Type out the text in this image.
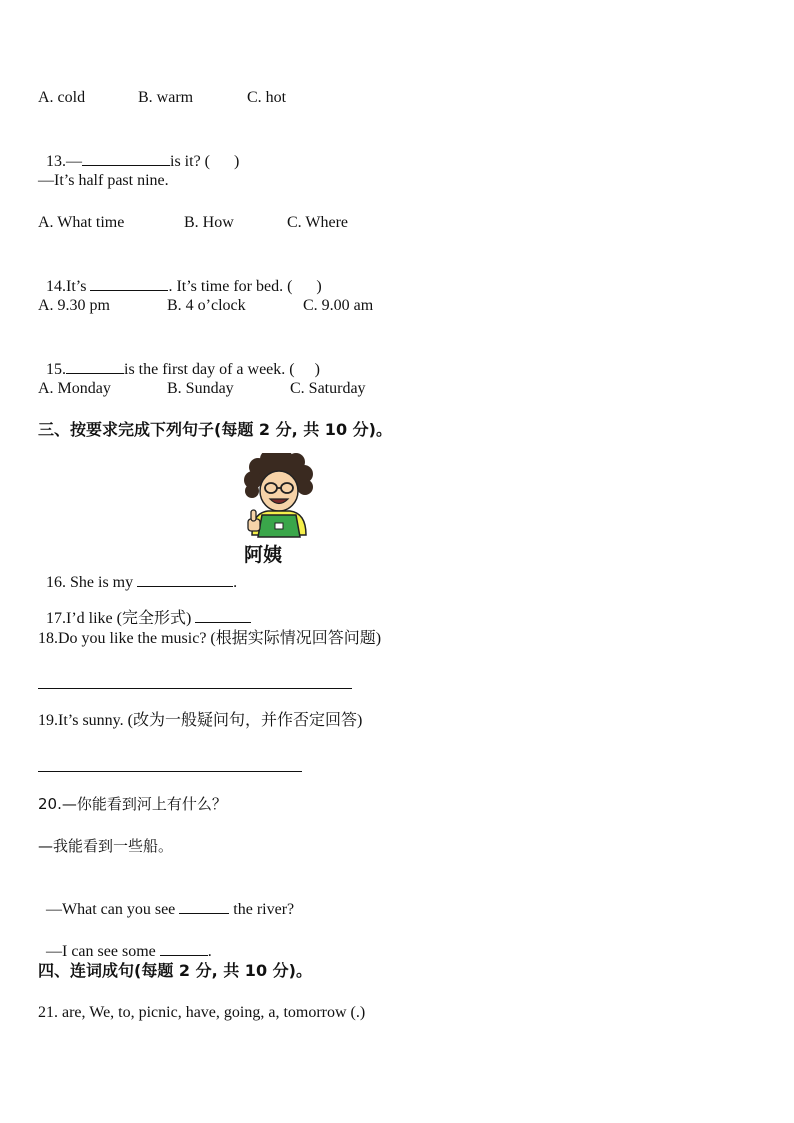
A. cold	B. warm	C. hot

13.—	is it? (      )

—It’s half past nine.
A. What time	B. How	C. Where

14.It’s	. It’s time for bed. (      )

A. 9.30 pm	B. 4 o’clock	C. 9.00 am

15.	is the first day of a week. (     )

A. Monday	B. Sunday	C. Saturday
三、按要求完成下列句子(每题 2 分, 共 10 分)。
阿姨

16. She is my	.

17.I’d like (完全形式)

18.Do you like the music? (根据实际情况回答问题)
19.It’s sunny. (改为一般疑问句，并作否定回答)
20.—你能看到河上有什么？
—我能看到一些船。

—What can you see	the river?

—I can see some	.

四、连词成句(每题 2 分, 共 10 分)。
21. are, We, to, picnic, have, going, a, tomorrow (.)
